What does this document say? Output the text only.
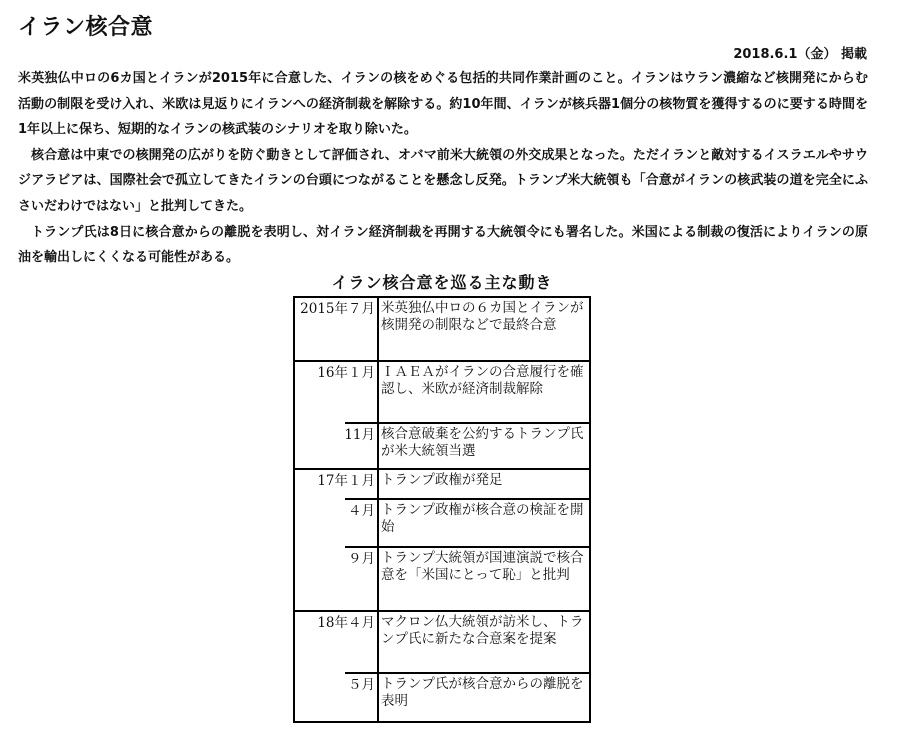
イラン核合意
2018.6.1（金） 掲載

米英独仏中ロの6カ国とイランが2015年に合意した、イランの核をめぐる包括的共同作業計画のこと。イランはウラン濃縮など核開発にからむ活動の制限を受け入れ、米欧は見返りにイランへの経済制裁を解除する。約10年間、イランが核兵器1個分の核物質を獲得するのに要する時間を1年以上に保ち、短期的なイランの核武装のシナリオを取り除いた。

核合意は中東での核開発の広がりを防ぐ動きとして評価され、オバマ前米大統領の外交成果となった。ただイランと敵対するイスラエルやサウジアラビアは、国際社会で孤立してきたイランの台頭につながることを懸念し反発。トランプ米大統領も「合意がイランの核武装の道を完全にふさいだわけではない」と批判してきた。

トランプ氏は8日に核合意からの離脱を表明し、対イラン経済制裁を再開する大統領令にも署名した。米国による制裁の復活によりイランの原油を輸出しにくくなる可能性がある。

イラン核合意を巡る主な動き
2015年７月 米英独仏中ロの６カ国とイランが核開発の制限などで最終合意
16年１月 ＩＡＥＡがイランの合意履行を確認し、米欧が経済制裁解除
11月 核合意破棄を公約するトランプ氏が米大統領当選
17年１月 トランプ政権が発足
４月 トランプ政権が核合意の検証を開始
９月 トランプ大統領が国連演説で核合意を「米国にとって恥」と批判
18年４月 マクロン仏大統領が訪米し、トランプ氏に新たな合意案を提案
５月 トランプ氏が核合意からの離脱を表明
